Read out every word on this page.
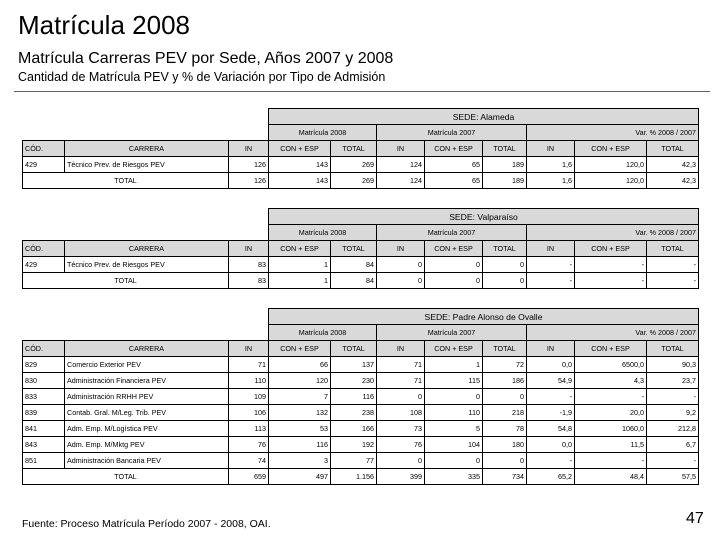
Matrícula 2008
Matrícula Carreras PEV por Sede, Años 2007 y 2008
Cantidad de Matrícula PEV y % de Variación por Tipo de Admisión
			SEDE: Alameda							
			Matrícula 2008		Matrícula 2007			Var. % 2008 / 2007		
CÓD.	CARRERA	IN	CON + ESP	TOTAL	IN	CON + ESP	TOTAL	IN	CON + ESP	TOTAL
429	Técnico Prev. de Riesgos PEV	126	143	269	124	65	189	1,6	120,0	42,3
TOTAL		126	143	269	124	65	189	1,6	120,0	42,3
			SEDE: Valparaíso							
			Matrícula 2008		Matrícula 2007			Var. % 2008 / 2007		
CÓD.	CARRERA	IN	CON + ESP	TOTAL	IN	CON + ESP	TOTAL	IN	CON + ESP	TOTAL
429	Técnico Prev. de Riesgos PEV	83	1	84	0	0	0	-	-	-
TOTAL		83	1	84	0	0	0	-	-	-
			SEDE: Padre Alonso de Ovalle							
			Matrícula 2008		Matrícula 2007			Var. % 2008 / 2007		
CÓD.	CARRERA	IN	CON + ESP	TOTAL	IN	CON + ESP	TOTAL	IN	CON + ESP	TOTAL
829	Comercio Exterior PEV	71	66	137	71	1	72	0,0	6500,0	90,3
830	Administración Financiera PEV	110	120	230	71	115	186	54,9	4,3	23,7
833	Administración RRHH PEV	109	7	116	0	0	0	-	-	-
839	Contab. Gral. M/Leg. Trib. PEV	106	132	238	108	110	218	-1,9	20,0	9,2
841	Adm. Emp. M/Logística PEV	113	53	166	73	5	78	54,8	1060,0	212,8
843	Adm. Emp. M/Mktg PEV	76	116	192	76	104	180	0,0	11,5	6,7
851	Administración Bancaria PEV	74	3	77	0	0	0	-	-	-
TOTAL		659	497	1.156	399	335	734	65,2	48,4	57,5
Fuente: Proceso Matrícula Período 2007 - 2008, OAI.	47
